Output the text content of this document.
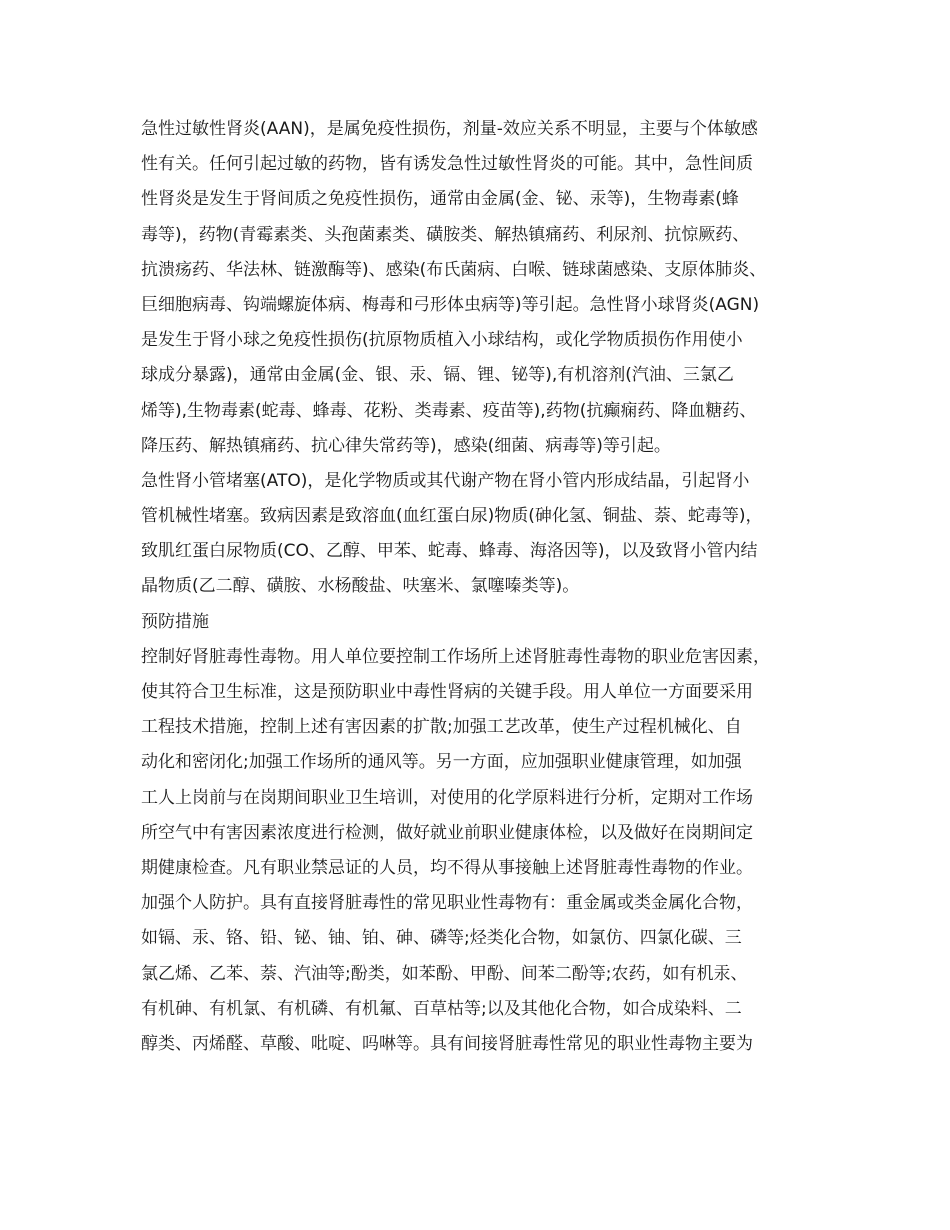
急性过敏性肾炎(AAN)，是属免疫性损伤，剂量-效应关系不明显，主要与个体敏感
性有关。任何引起过敏的药物，皆有诱发急性过敏性肾炎的可能。其中，急性间质
性肾炎是发生于肾间质之免疫性损伤，通常由金属(金、铋、汞等)，生物毒素(蜂
毒等)，药物(青霉素类、头孢菌素类、磺胺类、解热镇痛药、利尿剂、抗惊厥药、
抗溃疡药、华法林、链激酶等)、感染(布氏菌病、白喉、链球菌感染、支原体肺炎、
巨细胞病毒、钩端螺旋体病、梅毒和弓形体虫病等)等引起。急性肾小球肾炎(AGN)
是发生于肾小球之免疫性损伤(抗原物质植入小球结构，或化学物质损伤作用使小
球成分暴露)，通常由金属(金、银、汞、镉、锂、铋等),有机溶剂(汽油、三氯乙
烯等),生物毒素(蛇毒、蜂毒、花粉、类毒素、疫苗等),药物(抗癫痫药、降血糖药、
降压药、解热镇痛药、抗心律失常药等)，感染(细菌、病毒等)等引起。
急性肾小管堵塞(ATO)，是化学物质或其代谢产物在肾小管内形成结晶，引起肾小
管机械性堵塞。致病因素是致溶血(血红蛋白尿)物质(砷化氢、铜盐、萘、蛇毒等)，
致肌红蛋白尿物质(CO、乙醇、甲苯、蛇毒、蜂毒、海洛因等)，以及致肾小管内结
晶物质(乙二醇、磺胺、水杨酸盐、呋塞米、氯噻嗪类等)。
预防措施
控制好肾脏毒性毒物。用人单位要控制工作场所上述肾脏毒性毒物的职业危害因素，
使其符合卫生标准，这是预防职业中毒性肾病的关键手段。用人单位一方面要采用
工程技术措施，控制上述有害因素的扩散;加强工艺改革，使生产过程机械化、自
动化和密闭化;加强工作场所的通风等。另一方面，应加强职业健康管理，如加强
工人上岗前与在岗期间职业卫生培训，对使用的化学原料进行分析，定期对工作场
所空气中有害因素浓度进行检测，做好就业前职业健康体检，以及做好在岗期间定
期健康检查。凡有职业禁忌证的人员，均不得从事接触上述肾脏毒性毒物的作业。
加强个人防护。具有直接肾脏毒性的常见职业性毒物有：重金属或类金属化合物，
如镉、汞、铬、铅、铋、铀、铂、砷、磷等;烃类化合物，如氯仿、四氯化碳、三
氯乙烯、乙苯、萘、汽油等;酚类，如苯酚、甲酚、间苯二酚等;农药，如有机汞、
有机砷、有机氯、有机磷、有机氟、百草枯等;以及其他化合物，如合成染料、二
醇类、丙烯醛、草酸、吡啶、吗啉等。具有间接肾脏毒性常见的职业性毒物主要为
